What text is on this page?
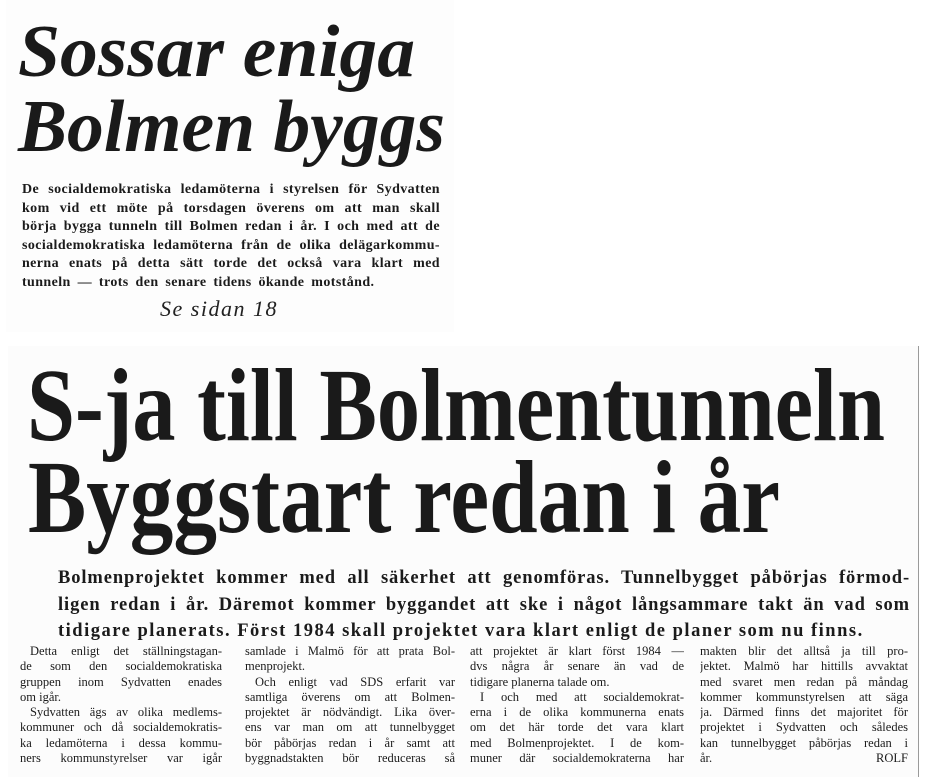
Sossar eniga
Bolmen byggs
De socialdemokratiska ledamöterna i styrelsen för Sydvatten
kom vid ett möte på torsdagen överens om att man skall
börja bygga tunneln till Bolmen redan i år. I och med att de
socialdemokratiska ledamöterna från de olika delägarkommu-
nerna enats på detta sätt torde det också vara klart med
tunneln — trots den senare tidens ökande motstånd.
Se sidan 18
S-ja till Bolmentunneln
Byggstart redan i år
Bolmenprojektet kommer med all säkerhet att genomföras. Tunnelbygget påbörjas förmod-
ligen redan i år. Däremot kommer byggandet att ske i något långsammare takt än vad som
tidigare planerats. Först 1984 skall projektet vara klart enligt de planer som nu finns.
Detta enligt det ställningstagan-
de som den socialdemokratiska
gruppen inom Sydvatten enades
om igår.
Sydvatten ägs av olika medlems-
kommuner och då socialdemokratis-
ka ledamöterna i dessa kommu-
ners kommunstyrelser var igår
samlade i Malmö för att prata Bol-
menprojekt.
Och enligt vad SDS erfarit var
samtliga överens om att Bolmen-
projektet är nödvändigt. Lika över-
ens var man om att tunnelbygget
bör påbörjas redan i år samt att
byggnadstakten bör reduceras så
att projektet är klart först 1984 —
dvs några år senare än vad de
tidigare planerna talade om.
I och med att socialdemokrat-
erna i de olika kommunerna enats
om det här torde det vara klart
med Bolmenprojektet. I de kom-
muner där socialdemokraterna har
makten blir det alltså ja till pro-
jektet. Malmö har hittills avvaktat
med svaret men redan på måndag
kommer kommunstyrelsen att säga
ja. Därmed finns det majoritet för
projektet i Sydvatten och således
kan tunnelbygget påbörjas redan i
år.	ROLF
